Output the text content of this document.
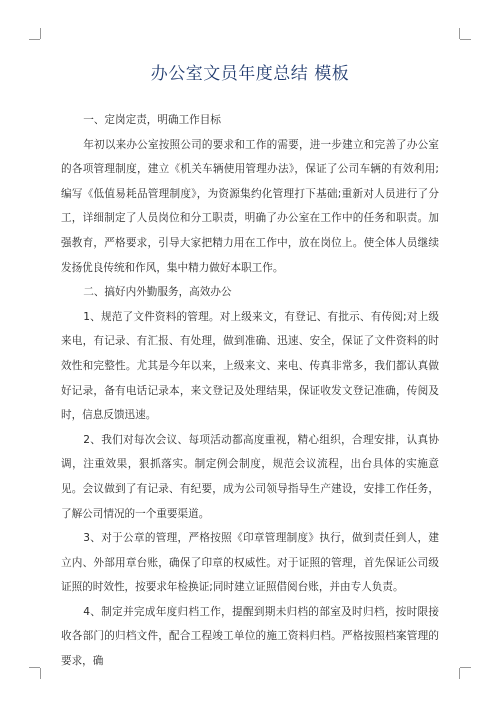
办公室文员年度总结 模板

一、定岗定责，明确工作目标

年初以来办公室按照公司的要求和工作的需要，进一步建立和完善了办公室的各项管理制度，建立《机关车辆使用管理办法》，保证了公司车辆的有效利用;编写《低值易耗品管理制度》，为资源集约化管理打下基础;重新对人员进行了分工，详细制定了人员岗位和分工职责，明确了办公室在工作中的任务和职责。加强教育，严格要求，引导大家把精力用在工作中，放在岗位上。使全体人员继续发扬优良传统和作风，集中精力做好本职工作。

二、搞好内外勤服务，高效办公

1、规范了文件资料的管理。对上级来文，有登记、有批示、有传阅;对上级来电，有记录、有汇报、有处理，做到准确、迅速、安全，保证了文件资料的时效性和完整性。尤其是今年以来，上级来文、来电、传真非常多，我们都认真做好记录，备有电话记录本，来文登记及处理结果，保证收发文登记准确，传阅及时，信息反馈迅速。

2、我们对每次会议、每项活动都高度重视，精心组织，合理安排，认真协调，注重效果，狠抓落实。制定例会制度，规范会议流程，出台具体的实施意见。会议做到了有记录、有纪要，成为公司领导指导生产建设，安排工作任务，了解公司情况的一个重要渠道。

3、对于公章的管理，严格按照《印章管理制度》执行，做到责任到人，建立内、外部用章台账，确保了印章的权威性。对于证照的管理，首先保证公司级证照的时效性，按要求年检换证;同时建立证照借阅台账，并由专人负责。

4、制定并完成年度归档工作，提醒到期未归档的部室及时归档，按时限接收各部门的归档文件，配合工程竣工单位的施工资料归档。严格按照档案管理的要求，确
